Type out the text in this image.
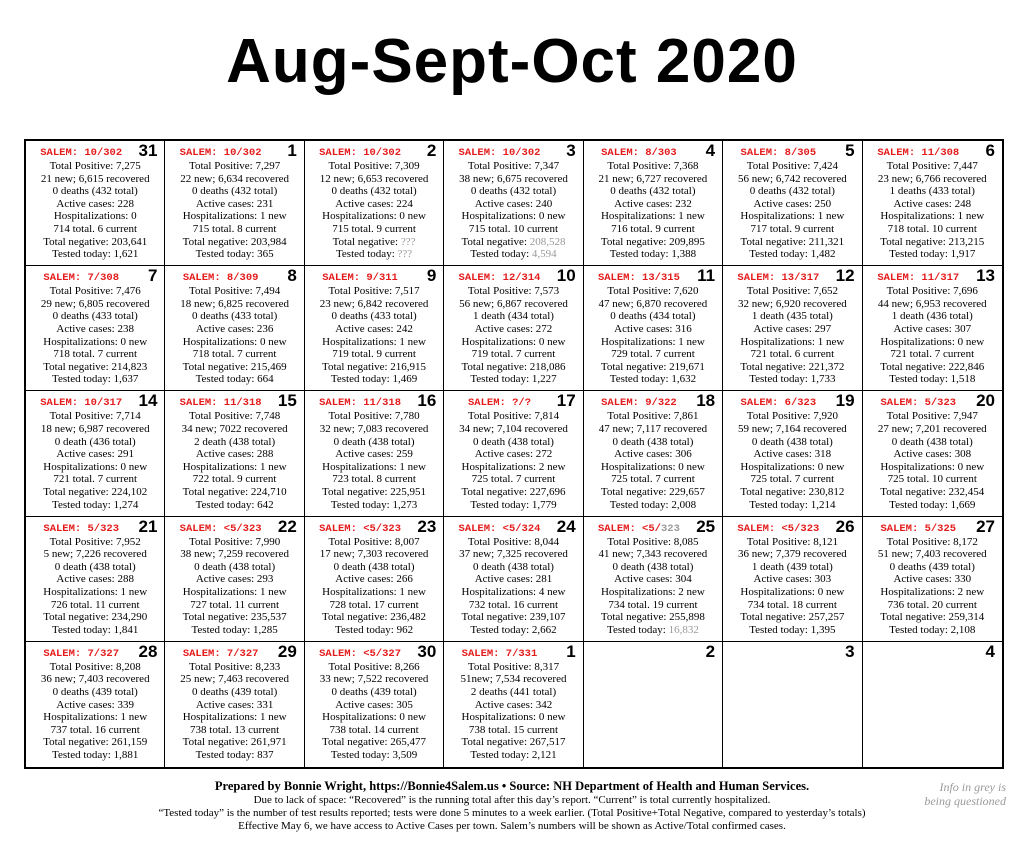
Aug-Sept-Oct 2020
31
SALEM: 10/302
Total Positive: 7,275
21 new; 6,615 recovered
0 deaths (432 total)
Active cases: 228
Hospitalizations: 0
714 total. 6 current
Total negative: 203,641
Tested today: 1,621
1
SALEM: 10/302
Total Positive: 7,297
22 new; 6,634 recovered
0 deaths (432 total)
Active cases: 231
Hospitalizations: 1 new
715 total. 8 current
Total negative: 203,984
Tested today: 365
2
SALEM: 10/302
Total Positive: 7,309
12 new; 6,653 recovered
0 deaths (432 total)
Active cases: 224
Hospitalizations: 0 new
715 total. 9 current
Total negative: ???
Tested today: ???
3
SALEM: 10/302
Total Positive: 7,347
38 new; 6,675 recovered
0 deaths (432 total)
Active cases: 240
Hospitalizations: 0 new
715 total. 10 current
Total negative: 208,528
Tested today: 4,594
4
SALEM: 8/303
Total Positive: 7,368
21 new; 6,727 recovered
0 deaths (432 total)
Active cases: 232
Hospitalizations: 1 new
716 total. 9 current
Total negative: 209,895
Tested today: 1,388
5
SALEM: 8/305
Total Positive: 7,424
56 new; 6,742 recovered
0 deaths (432 total)
Active cases: 250
Hospitalizations: 1 new
717 total. 9 current
Total negative: 211,321
Tested today: 1,482
6
SALEM: 11/308
Total Positive: 7,447
23 new; 6,766 recovered
1 deaths (433 total)
Active cases: 248
Hospitalizations: 1 new
718 total. 10 current
Total negative: 213,215
Tested today: 1,917
7
SALEM: 7/308
Total Positive: 7,476
29 new; 6,805 recovered
0 deaths (433 total)
Active cases: 238
Hospitalizations: 0 new
718 total. 7 current
Total negative: 214,823
Tested today: 1,637
8
SALEM: 8/309
Total Positive: 7,494
18 new; 6,825 recovered
0 deaths (433 total)
Active cases: 236
Hospitalizations: 0 new
718 total. 7 current
Total negative: 215,469
Tested today: 664
9
SALEM: 9/311
Total Positive: 7,517
23 new; 6,842 recovered
0 deaths (433 total)
Active cases: 242
Hospitalizations: 1 new
719 total. 9 current
Total negative: 216,915
Tested today: 1,469
10
SALEM: 12/314
Total Positive: 7,573
56 new; 6,867 recovered
1 death (434 total)
Active cases: 272
Hospitalizations: 0 new
719 total. 7 current
Total negative: 218,086
Tested today: 1,227
11
SALEM: 13/315
Total Positive: 7,620
47 new; 6,870 recovered
0 deaths (434 total)
Active cases: 316
Hospitalizations: 1 new
729 total. 7 current
Total negative: 219,671
Tested today: 1,632
12
SALEM: 13/317
Total Positive: 7,652
32 new; 6,920 recovered
1 death (435 total)
Active cases: 297
Hospitalizations: 1 new
721 total. 6 current
Total negative: 221,372
Tested today: 1,733
13
SALEM: 11/317
Total Positive: 7,696
44 new; 6,953 recovered
1 death (436 total)
Active cases: 307
Hospitalizations: 0 new
721 total. 7 current
Total negative: 222,846
Tested today: 1,518
14
SALEM: 10/317
Total Positive: 7,714
18 new; 6,987 recovered
0 death (436 total)
Active cases: 291
Hospitalizations: 0 new
721 total. 7 current
Total negative: 224,102
Tested today: 1,274
15
SALEM: 11/318
Total Positive: 7,748
34 new; 7022 recovered
2 death (438 total)
Active cases: 288
Hospitalizations: 1 new
722 total. 9 current
Total negative: 224,710
Tested today: 642
16
SALEM: 11/318
Total Positive: 7,780
32 new; 7,083 recovered
0 death (438 total)
Active cases: 259
Hospitalizations: 1 new
723 total. 8 current
Total negative: 225,951
Tested today: 1,273
17
SALEM: ?/?
Total Positive: 7,814
34 new; 7,104 recovered
0 death (438 total)
Active cases: 272
Hospitalizations: 2 new
725 total. 7 current
Total negative: 227,696
Tested today: 1,779
18
SALEM: 9/322
Total Positive: 7,861
47 new; 7,117 recovered
0 death (438 total)
Active cases: 306
Hospitalizations: 0 new
725 total. 7 current
Total negative: 229,657
Tested today: 2,008
19
SALEM: 6/323
Total Positive: 7,920
59 new; 7,164 recovered
0 death (438 total)
Active cases: 318
Hospitalizations: 0 new
725 total. 7 current
Total negative: 230,812
Tested today: 1,214
20
SALEM: 5/323
Total Positive: 7,947
27 new; 7,201 recovered
0 death (438 total)
Active cases: 308
Hospitalizations: 0 new
725 total. 10 current
Total negative: 232,454
Tested today: 1,669
21
SALEM: 5/323
Total Positive: 7,952
5 new; 7,226 recovered
0 death (438 total)
Active cases: 288
Hospitalizations: 1 new
726 total. 11 current
Total negative: 234,290
Tested today: 1,841
22
SALEM: <5/323
Total Positive: 7,990
38 new; 7,259 recovered
0 death (438 total)
Active cases: 293
Hospitalizations: 1 new
727 total. 11 current
Total negative: 235,537
Tested today: 1,285
23
SALEM: <5/323
Total Positive: 8,007
17 new; 7,303 recovered
0 death (438 total)
Active cases: 266
Hospitalizations: 1 new
728 total. 17 current
Total negative: 236,482
Tested today: 962
24
SALEM: <5/324
Total Positive: 8,044
37 new; 7,325 recovered
0 death (438 total)
Active cases: 281
Hospitalizations: 4 new
732 total. 16 current
Total negative: 239,107
Tested today: 2,662
25
SALEM: <5/323
Total Positive: 8,085
41 new; 7,343 recovered
0 death (438 total)
Active cases: 304
Hospitalizations: 2 new
734 total. 19 current
Total negative: 255,898
Tested today: 16,832
26
SALEM: <5/323
Total Positive: 8,121
36 new; 7,379 recovered
1 death (439 total)
Active cases: 303
Hospitalizations: 0 new
734 total. 18 current
Total negative: 257,257
Tested today: 1,395
27
SALEM: 5/325
Total Positive: 8,172
51 new; 7,403 recovered
0 deaths (439 total)
Active cases: 330
Hospitalizations: 2 new
736 total. 20 current
Total negative: 259,314
Tested today: 2,108
28
SALEM: 7/327
Total Positive: 8,208
36 new; 7,403 recovered
0 deaths (439 total)
Active cases: 339
Hospitalizations: 1 new
737 total. 16 current
Total negative: 261,159
Tested today: 1,881
29
SALEM: 7/327
Total Positive: 8,233
25 new; 7,463 recovered
0 deaths (439 total)
Active cases: 331
Hospitalizations: 1 new
738 total. 13 current
Total negative: 261,971
Tested today: 837
30
SALEM: <5/327
Total Positive: 8,266
33 new; 7,522 recovered
0 deaths (439 total)
Active cases: 305
Hospitalizations: 0 new
738 total. 14 current
Total negative: 265,477
Tested today: 3,509
1
SALEM: 7/331
Total Positive: 8,317
51new; 7,534 recovered
2 deaths (441 total)
Active cases: 342
Hospitalizations: 0 new
738 total. 15 current
Total negative: 267,517
Tested today: 2,121
2	3	4
Prepared by Bonnie Wright, https://Bonnie4Salem.us • Source: NH Department of Health and Human Services.
Due to lack of space: “Recovered” is the running total after this day’s report. “Current” is total currently hospitalized.
“Tested today” is the number of test results reported; tests were done 5 minutes to a week earlier. (Total Positive+Total Negative, compared to yesterday’s totals)
Effective May 6, we have access to Active Cases per town. Salem’s numbers will be shown as Active/Total confirmed cases.
Info in grey is
being questioned
